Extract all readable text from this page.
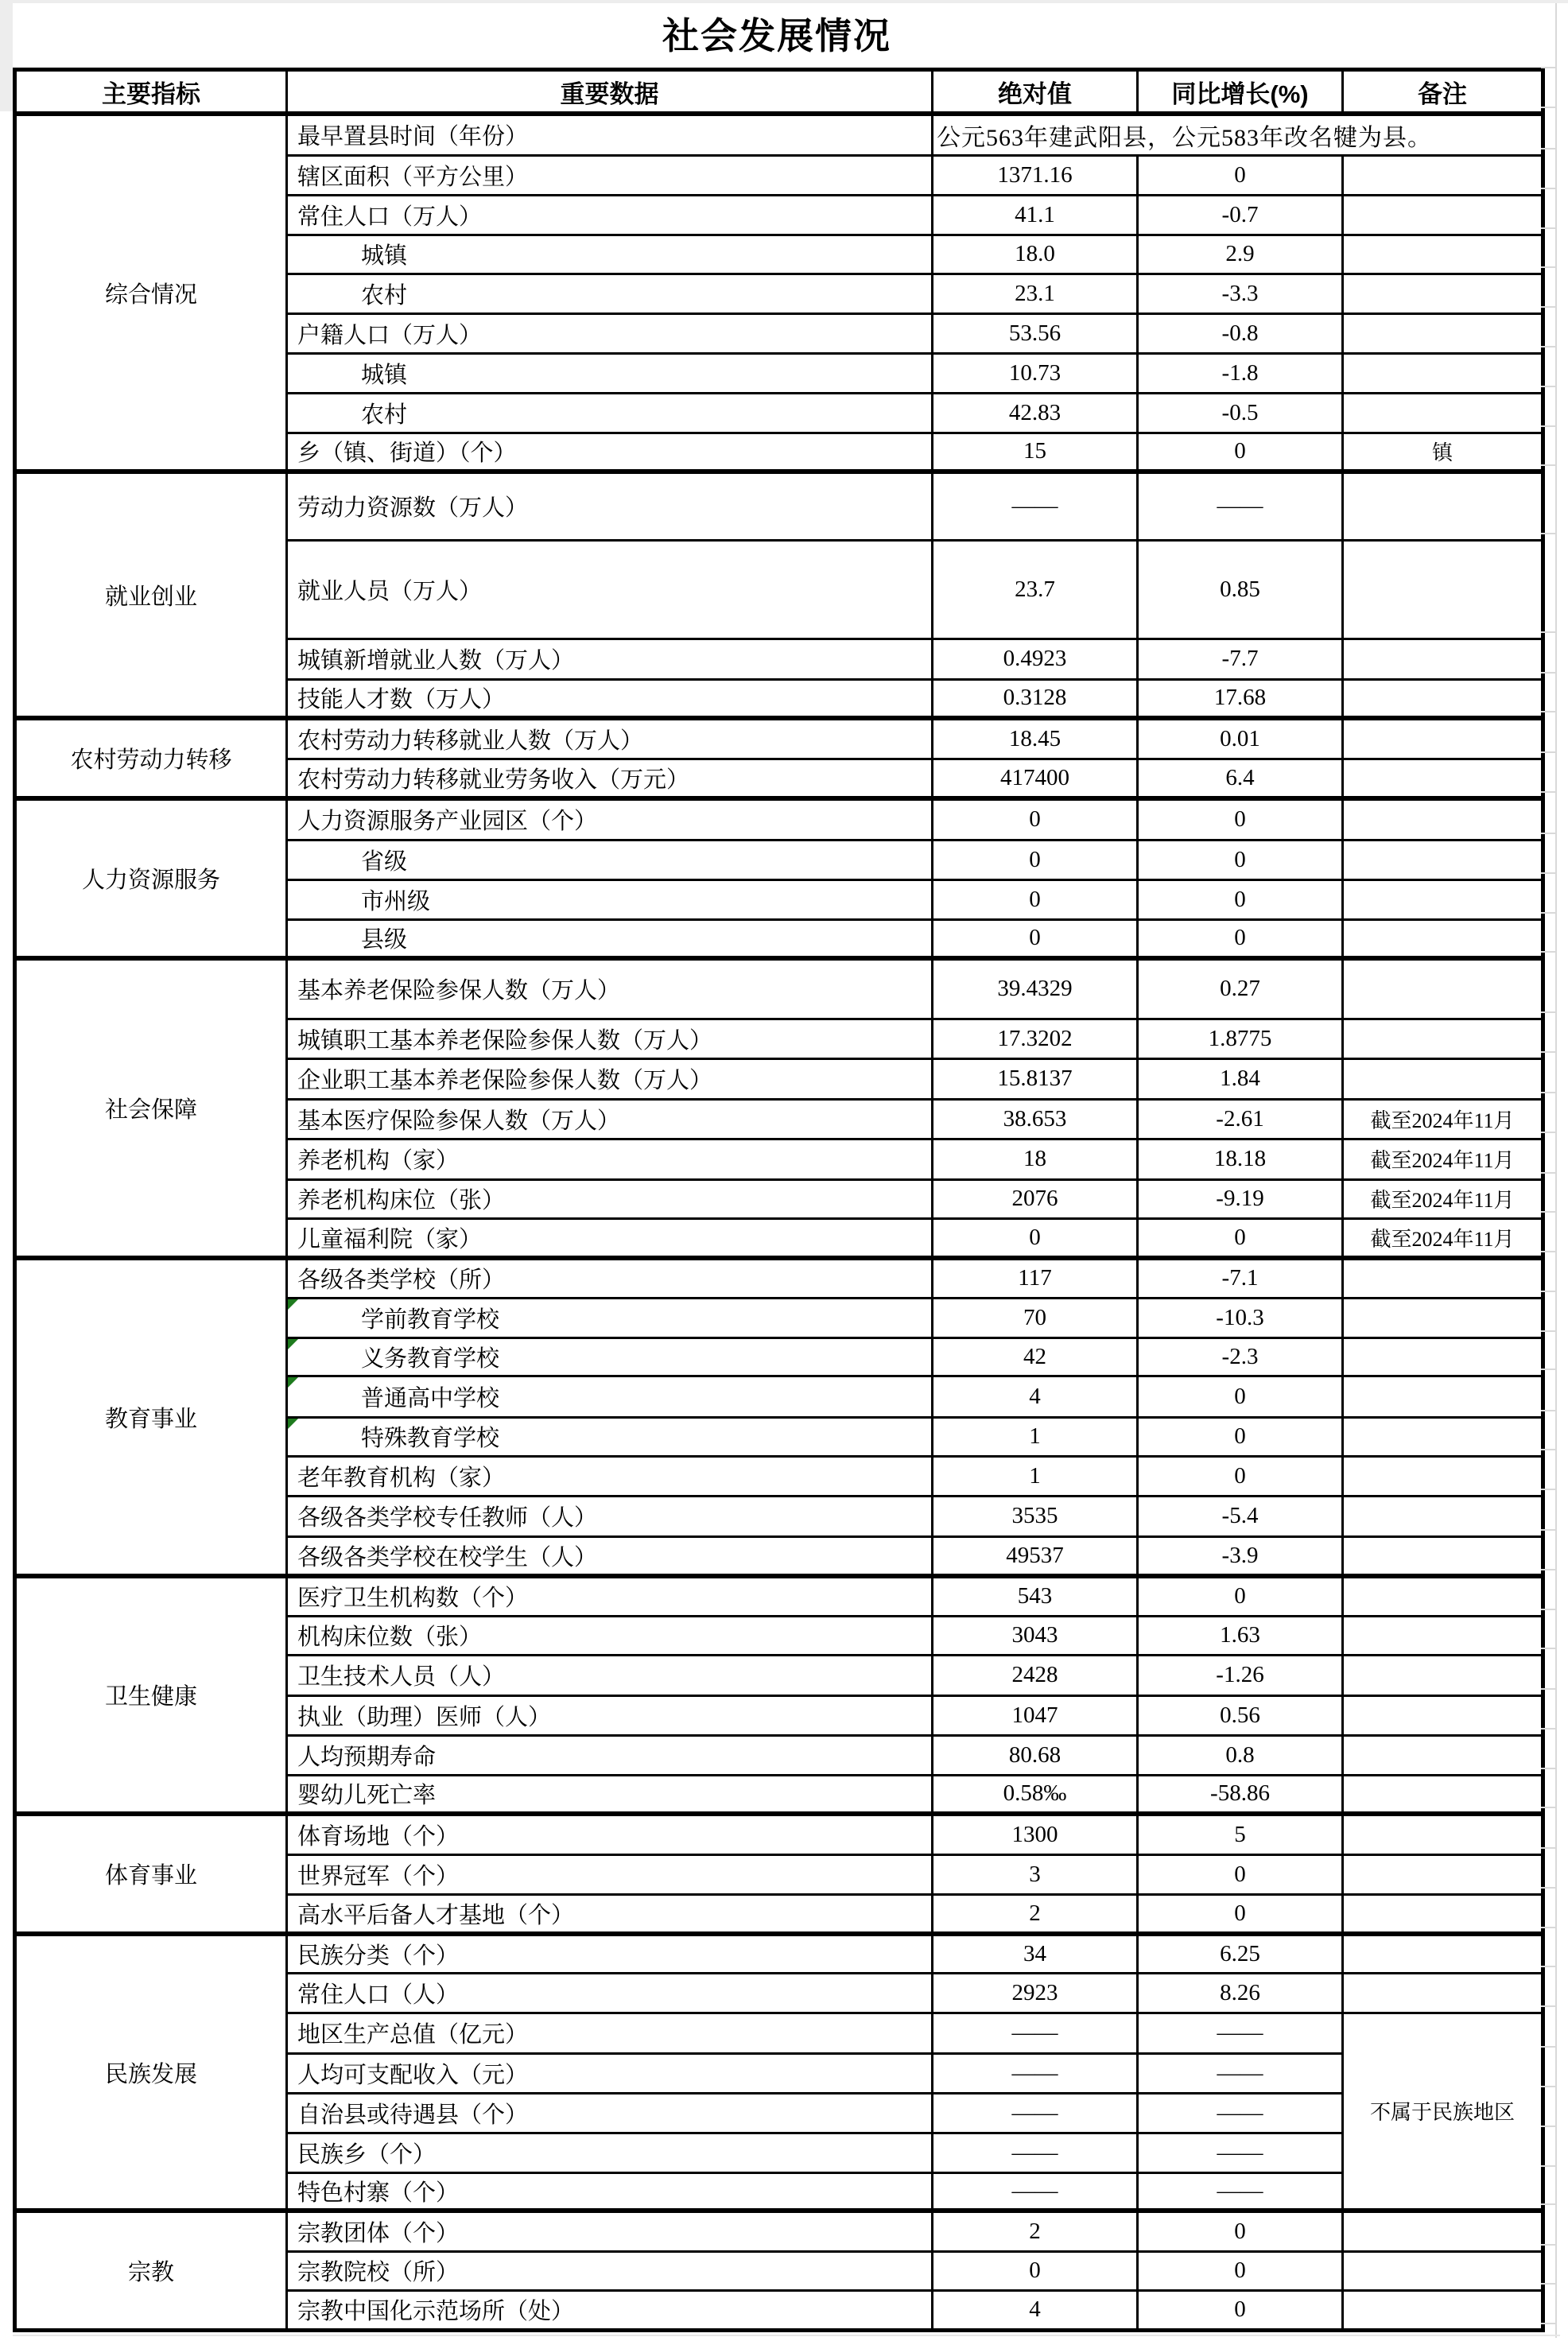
社会发展情况
主要指标	重要数据	绝对值	同比增长(%)	备注
综合情况	最早置县时间（年份）	公元563年建武阳县，公元583年改名犍为县。		
	辖区面积（平方公里）	1371.16	0	
	常住人口（万人）	41.1	-0.7	
	城镇	18.0	2.9	
	农村	23.1	-3.3	
	户籍人口（万人）	53.56	-0.8	
	城镇	10.73	-1.8	
	农村	42.83	-0.5	
	乡（镇、街道）（个）	15	0	镇
就业创业	劳动力资源数（万人）	——	——	
	就业人员（万人）	23.7	0.85	
	城镇新增就业人数（万人）	0.4923	-7.7	
	技能人才数（万人）	0.3128	17.68	
农村劳动力转移	农村劳动力转移就业人数（万人）	18.45	0.01	
	农村劳动力转移就业劳务收入（万元）	417400	6.4	
人力资源服务	人力资源服务产业园区（个）	0	0	
	省级	0	0	
	市州级	0	0	
	县级	0	0	
社会保障	基本养老保险参保人数（万人）	39.4329	0.27	
	城镇职工基本养老保险参保人数（万人）	17.3202	1.8775	
	企业职工基本养老保险参保人数（万人）	15.8137	1.84	
	基本医疗保险参保人数（万人）	38.653	-2.61	截至2024年11月
	养老机构（家）	18	18.18	截至2024年11月
	养老机构床位（张）	2076	-9.19	截至2024年11月
	儿童福利院（家）	0	0	截至2024年11月
教育事业	各级各类学校（所）	117	-7.1	
	学前教育学校	70	-10.3	
	义务教育学校	42	-2.3	
	普通高中学校	4	0	
	特殊教育学校	1	0	
	老年教育机构（家）	1	0	
	各级各类学校专任教师（人）	3535	-5.4	
	各级各类学校在校学生（人）	49537	-3.9	
卫生健康	医疗卫生机构数（个）	543	0	
	机构床位数（张）	3043	1.63	
	卫生技术人员（人）	2428	-1.26	
	执业（助理）医师（人）	1047	0.56	
	人均预期寿命	80.68	0.8	
	婴幼儿死亡率	0.58‰	-58.86	
体育事业	体育场地（个）	1300	5	
	世界冠军（个）	3	0	
	高水平后备人才基地（个）	2	0	
民族发展	民族分类（个）	34	6.25	
	常住人口（人）	2923	8.26	
	地区生产总值（亿元）	——	——	不属于民族地区
	人均可支配收入（元）	——	——	
	自治县或待遇县（个）	——	——	
	民族乡（个）	——	——	
	特色村寨（个）	——	——	
宗教	宗教团体（个）	2	0	
	宗教院校（所）	0	0	
	宗教中国化示范场所（处）	4	0	
